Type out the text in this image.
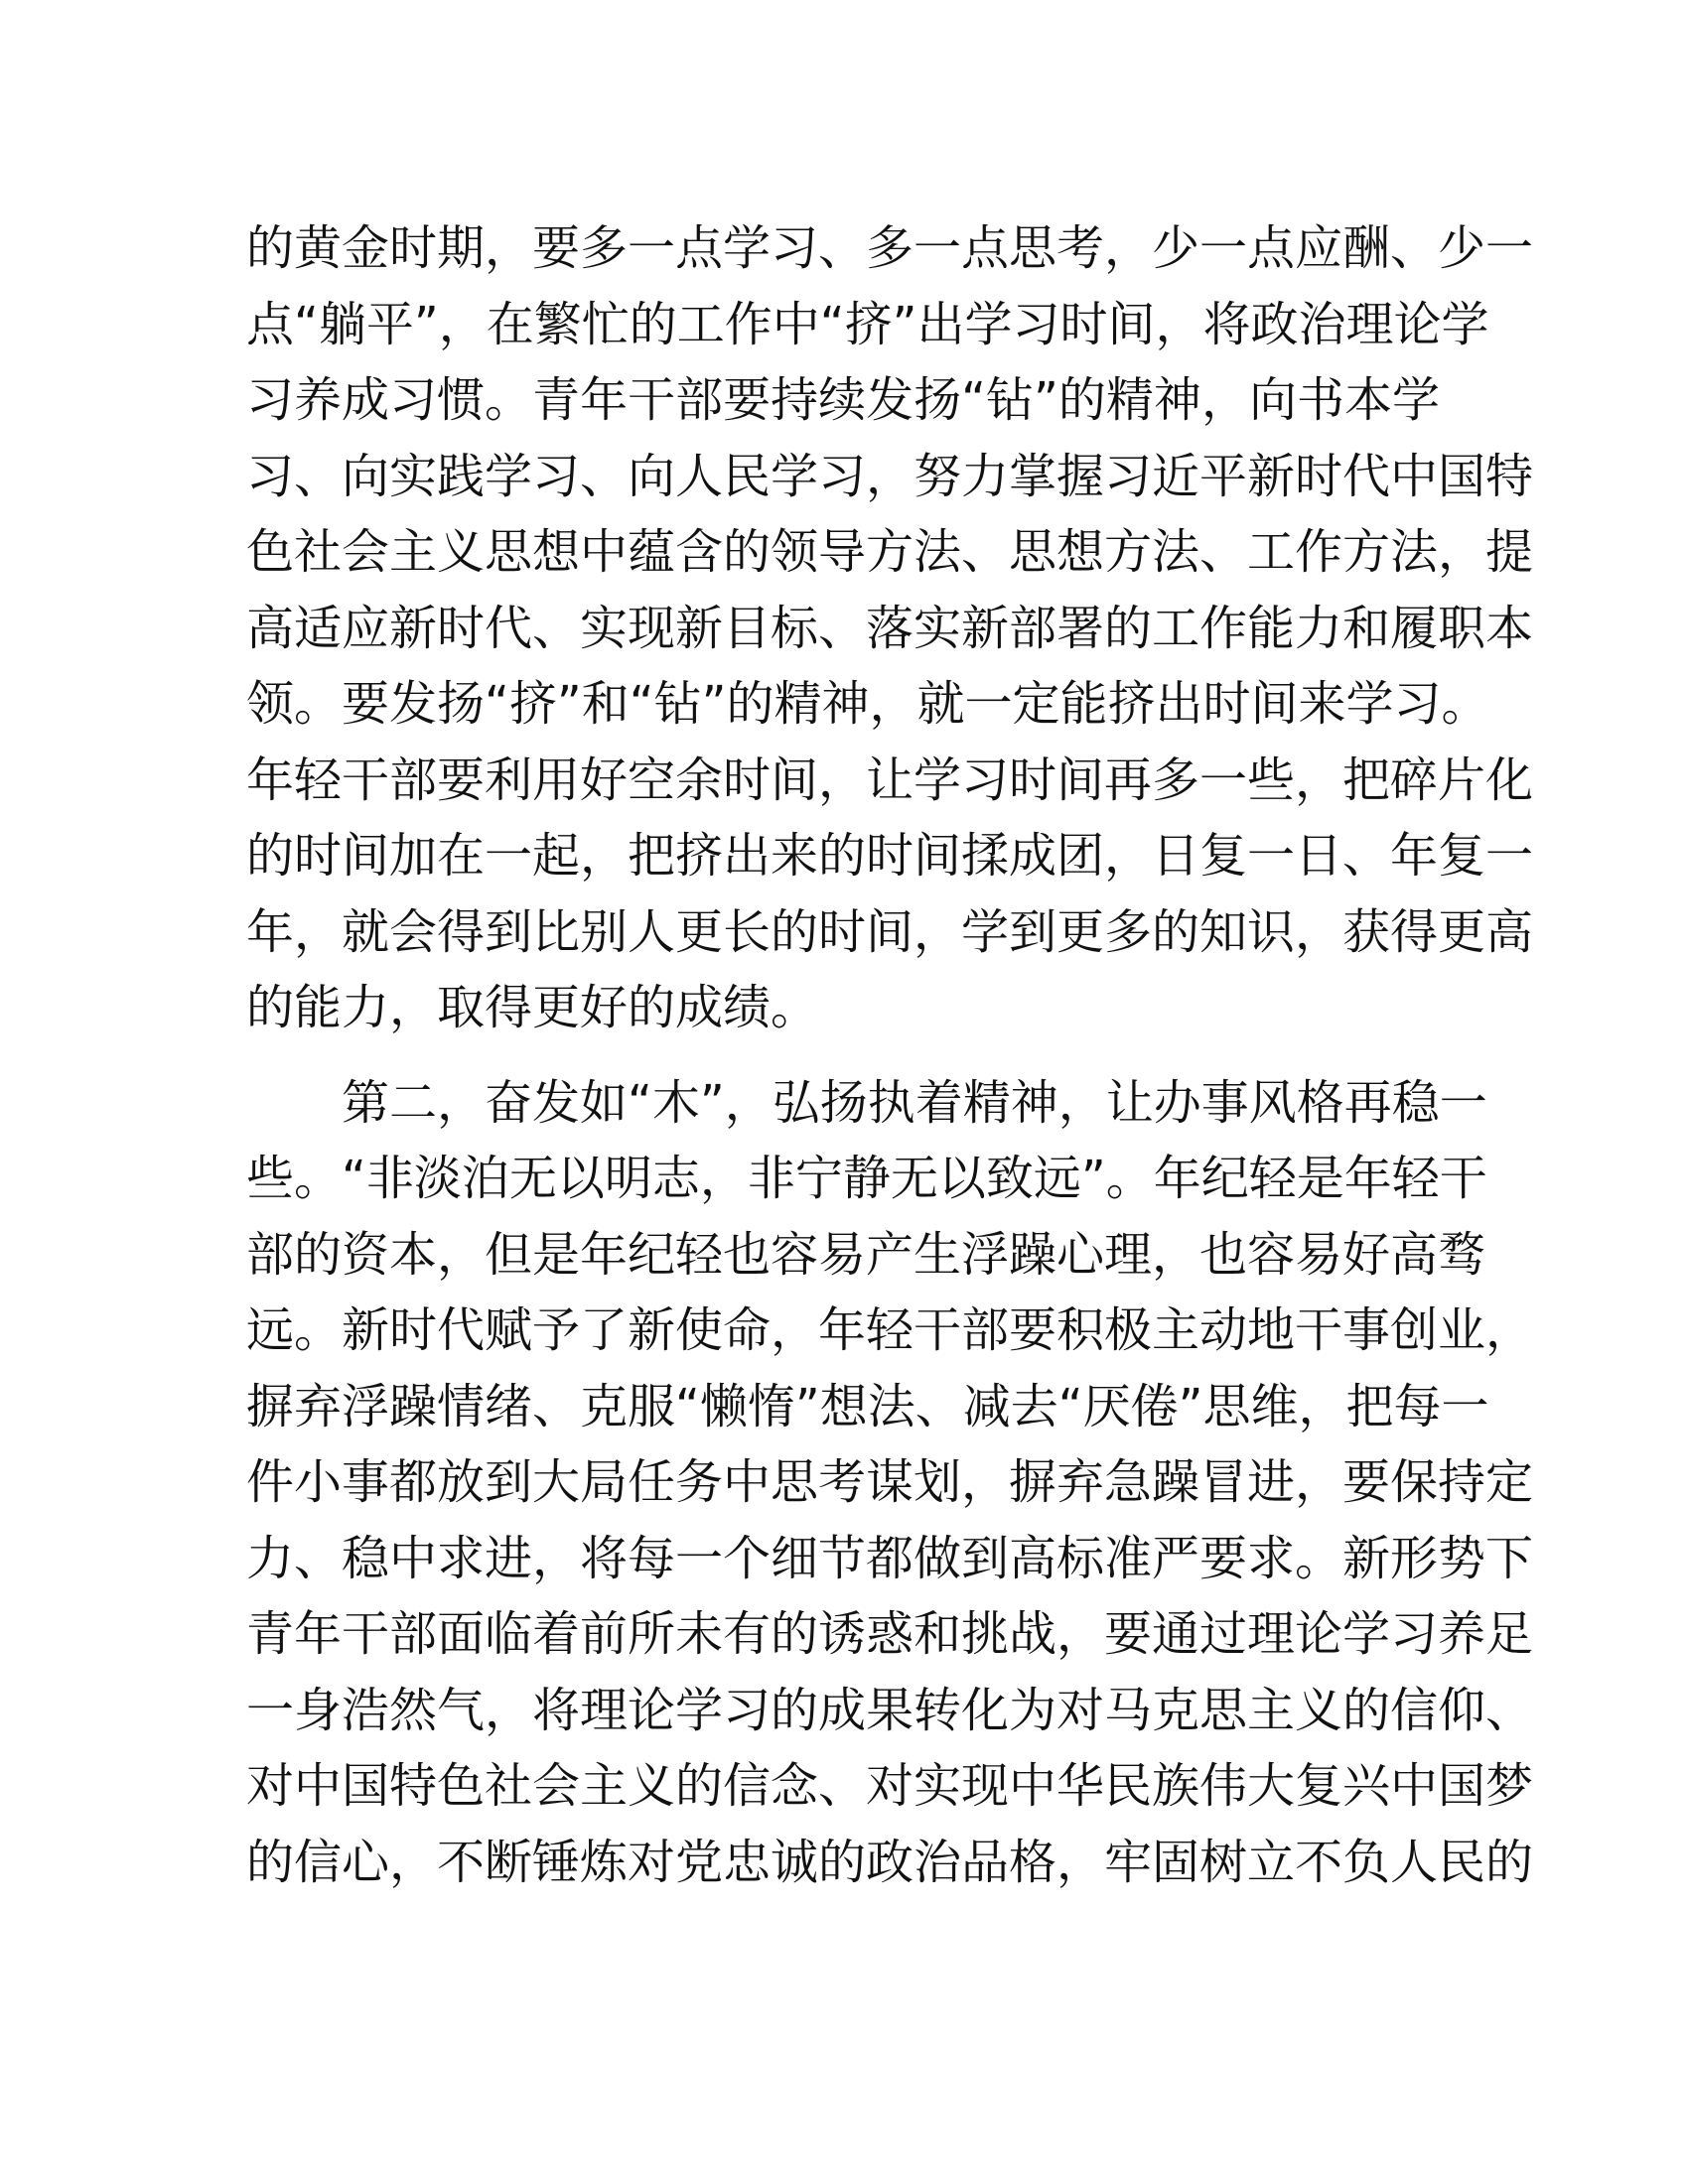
的黄金时期，要多一点学习、多一点思考，少一点应酬、少一
点“躺平”，在繁忙的工作中“挤”出学习时间，将政治理论学
习养成习惯。青年干部要持续发扬“钻”的精神，向书本学
习、向实践学习、向人民学习，努力掌握习近平新时代中国特
色社会主义思想中蕴含的领导方法、思想方法、工作方法，提
高适应新时代、实现新目标、落实新部署的工作能力和履职本
领。要发扬“挤”和“钻”的精神，就一定能挤出时间来学习。
年轻干部要利用好空余时间，让学习时间再多一些，把碎片化
的时间加在一起，把挤出来的时间揉成团，日复一日、年复一
年，就会得到比别人更长的时间，学到更多的知识，获得更高
的能力，取得更好的成绩。
第二，奋发如“木”，弘扬执着精神，让办事风格再稳一
些。“非淡泊无以明志，非宁静无以致远”。年纪轻是年轻干
部的资本，但是年纪轻也容易产生浮躁心理，也容易好高骛
远。新时代赋予了新使命，年轻干部要积极主动地干事创业，
摒弃浮躁情绪、克服“懒惰”想法、减去“厌倦”思维，把每一
件小事都放到大局任务中思考谋划，摒弃急躁冒进，要保持定
力、稳中求进，将每一个细节都做到高标准严要求。新形势下
青年干部面临着前所未有的诱惑和挑战，要通过理论学习养足
一身浩然气，将理论学习的成果转化为对马克思主义的信仰、
对中国特色社会主义的信念、对实现中华民族伟大复兴中国梦
的信心，不断锤炼对党忠诚的政治品格，牢固树立不负人民的
